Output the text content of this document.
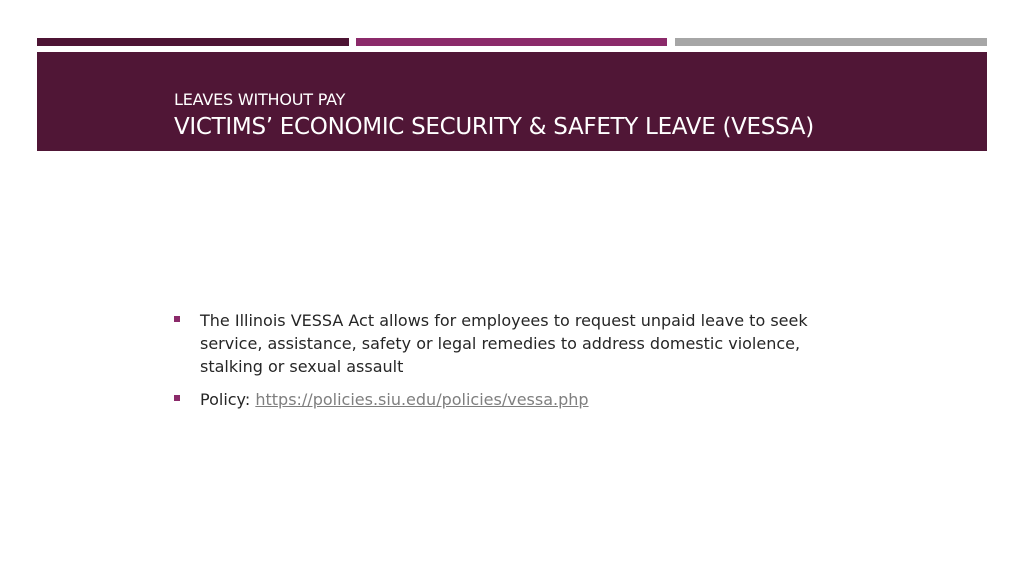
LEAVES WITHOUT PAY
VICTIMS’ ECONOMIC SECURITY & SAFETY LEAVE (VESSA)
The Illinois VESSA Act allows for employees to request unpaid leave to seek service, assistance, safety or legal remedies to address domestic violence, stalking or sexual assault
Policy: https://policies.siu.edu/policies/vessa.php
